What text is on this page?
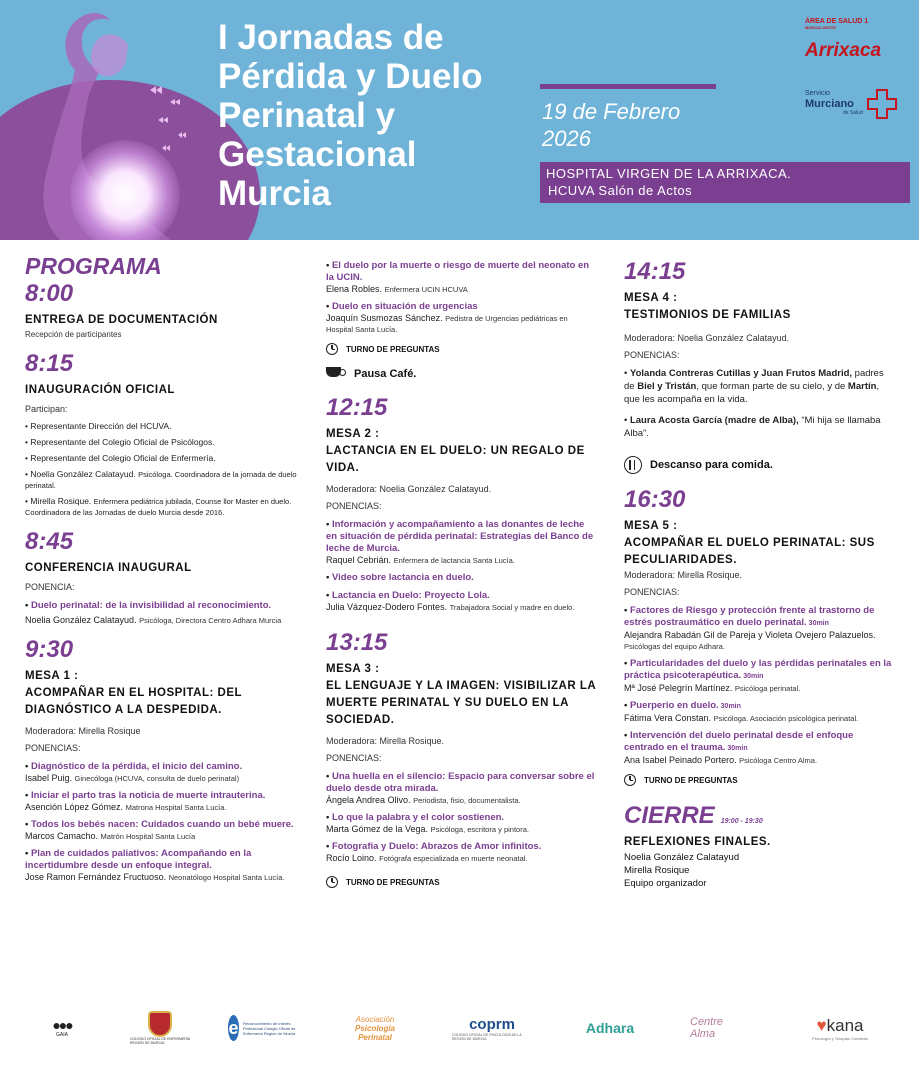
I Jornadas de
Pérdida y Duelo
Perinatal y
Gestacional
Murcia
19 de Febrero
2026
HOSPITAL VIRGEN DE LA ARRIXACA.
HCUVA Salón de Actos
ÁREA DE SALUD 1
MURCIA-OESTE
Arrixaca
Servicio
Murciano
de Salud
PROGRAMA
8:00
ENTREGA DE DOCUMENTACIÓN
Recepción de participantes
8:15
INAUGURACIÓN OFICIAL
Participan:
• Representante Dirección del HCUVA.
• Representante del Colegio Oficial de Psicólogos.
• Representante del Colegio Oficial de Enfermería.
• Noelia González Calatayud. Psicóloga. Coordinadora de la jornada de duelo perinatal.
• Mirella Rosique. Enfermera pediátrica jubilada, Counse llor Master en duelo. Coordinadora de las Jornadas de duelo Murcia desde 2016.
8:45
CONFERENCIA INAUGURAL
PONENCIA:
• Duelo perinatal: de la invisibilidad al reconocimiento.
Noelia González Calatayud. Psicóloga, Directora Centro Adhara Murcia
9:30
MESA 1 :
ACOMPAÑAR EN EL HOSPITAL: DEL DIAGNÓSTICO A LA DESPEDIDA.
Moderadora: Mirella Rosique
PONENCIAS:
• Diagnóstico de la pérdida, el inicio del camino.
Isabel Puig. Ginecóloga (HCUVA, consulta de duelo perinatal)
• Iniciar el parto tras la noticia de muerte intrauterina.
Asención López Gómez. Matrona Hospital Santa Lucía.
• Todos los bebés nacen: Cuidados cuando un bebé muere.
Marcos Camacho. Matrón Hospital Santa Lucía
• Plan de cuidados paliativos: Acompañando en la incertidumbre desde un enfoque integral.
Jose Ramon Fernández Fructuoso. Neonatólogo Hospital Santa Lucía.
• El duelo por la muerte o riesgo de muerte del neonato en la UCIN.
Elena Robles. Enfermera UCIN HCUVA
• Duelo en situación de urgencias
Joaquín Susmozas Sánchez. Pedistra de Urgencias pediátricas en Hospital Santa Lucía.
TURNO DE PREGUNTAS
Pausa Café.
12:15
MESA 2 :
LACTANCIA EN EL DUELO: UN REGALO DE VIDA.
Moderadora: Noelia González Calatayud.
PONENCIAS:
• Información y acompañamiento a las donantes de leche en situación de pérdida perinatal: Estrategias del Banco de leche de Murcia.
Raquel Cebrián. Enfermera de lactancia Santa Lucía.
• Video sobre lactancia en duelo.
• Lactancia en Duelo: Proyecto Lola.
Julia Vázquez-Dodero Fontes. Trabajadora Social y madre en duelo.
13:15
MESA 3 :
EL LENGUAJE Y LA IMAGEN: VISIBILIZAR LA MUERTE PERINATAL Y SU DUELO EN LA SOCIEDAD.
Moderadora: Mirella Rosique.
PONENCIAS:
• Una huella en el silencio: Espacio para conversar sobre el duelo desde otra mirada.
Ángela Andrea Olivo. Periodista, fisio, documentalista.
• Lo que la palabra y el color sostienen.
Marta Gómez de la Vega. Psicóloga, escritora y pintora.
• Fotografía y Duelo: Abrazos de Amor infinitos.
Rocío Loino. Fotógrafa especializada en muerte neonatal.
TURNO DE PREGUNTAS
14:15
MESA 4 :
TESTIMONIOS DE FAMILIAS
Moderadora: Noelia González Calatayud.
PONENCIAS:
• Yolanda Contreras Cutillas y Juan Frutos Madrid, padres de Biel y Tristán, que forman parte de su cielo, y de Martín, que les acompaña en la vida.
• Laura Acosta García (madre de Alba), “Mi hija se llamaba Alba”.
Descanso para comida.
16:30
MESA 5 :
ACOMPAÑAR EL DUELO PERINATAL: SUS PECULIARIDADES.
Moderadora: Mirella Rosique.
PONENCIAS:
• Factores de Riesgo y protección frente al trastorno de estrés postraumático en duelo perinatal. 30min
Alejandra Rabadán Gil de Pareja y Violeta Ovejero Palazuelos. Psicólogas del equipo Adhara.
• Particularidades del duelo y las pérdidas perinatales en la práctica psicoterapéutica. 30min
Mª José Pelegrín Martínez. Psicóloga perinatal.
• Puerperio en duelo. 30min
Fátima Vera Constan. Psicóloga. Asociación psicológica perinatal.
• Intervención del duelo perinatal desde el enfoque centrado en el trauma. 30min
Ana Isabel Peinado Portero. Psicóloga Centro Alma.
TURNO DE PREGUNTAS
CIERRE 19:00 - 19:30
REFLEXIONES FINALES.
Noelia González Calatayud
Mirella Rosique
Equipo organizador
●●●
GAIA
COLEGIO OFICIAL DE ENFERMERÍA REGIÓN DE MURCIA
e Reconocimiento de Interés Profesional Colegio Oficial de Enfermería Región de Murcia
Asociación
Psicología
Perinatal
coprm
COLEGIO OFICIAL DE PSICOLOGÍA DE LA REGIÓN DE MURCIA
Adhara	Centre Alma	♥kana
Psicología y Terapias Creativas
